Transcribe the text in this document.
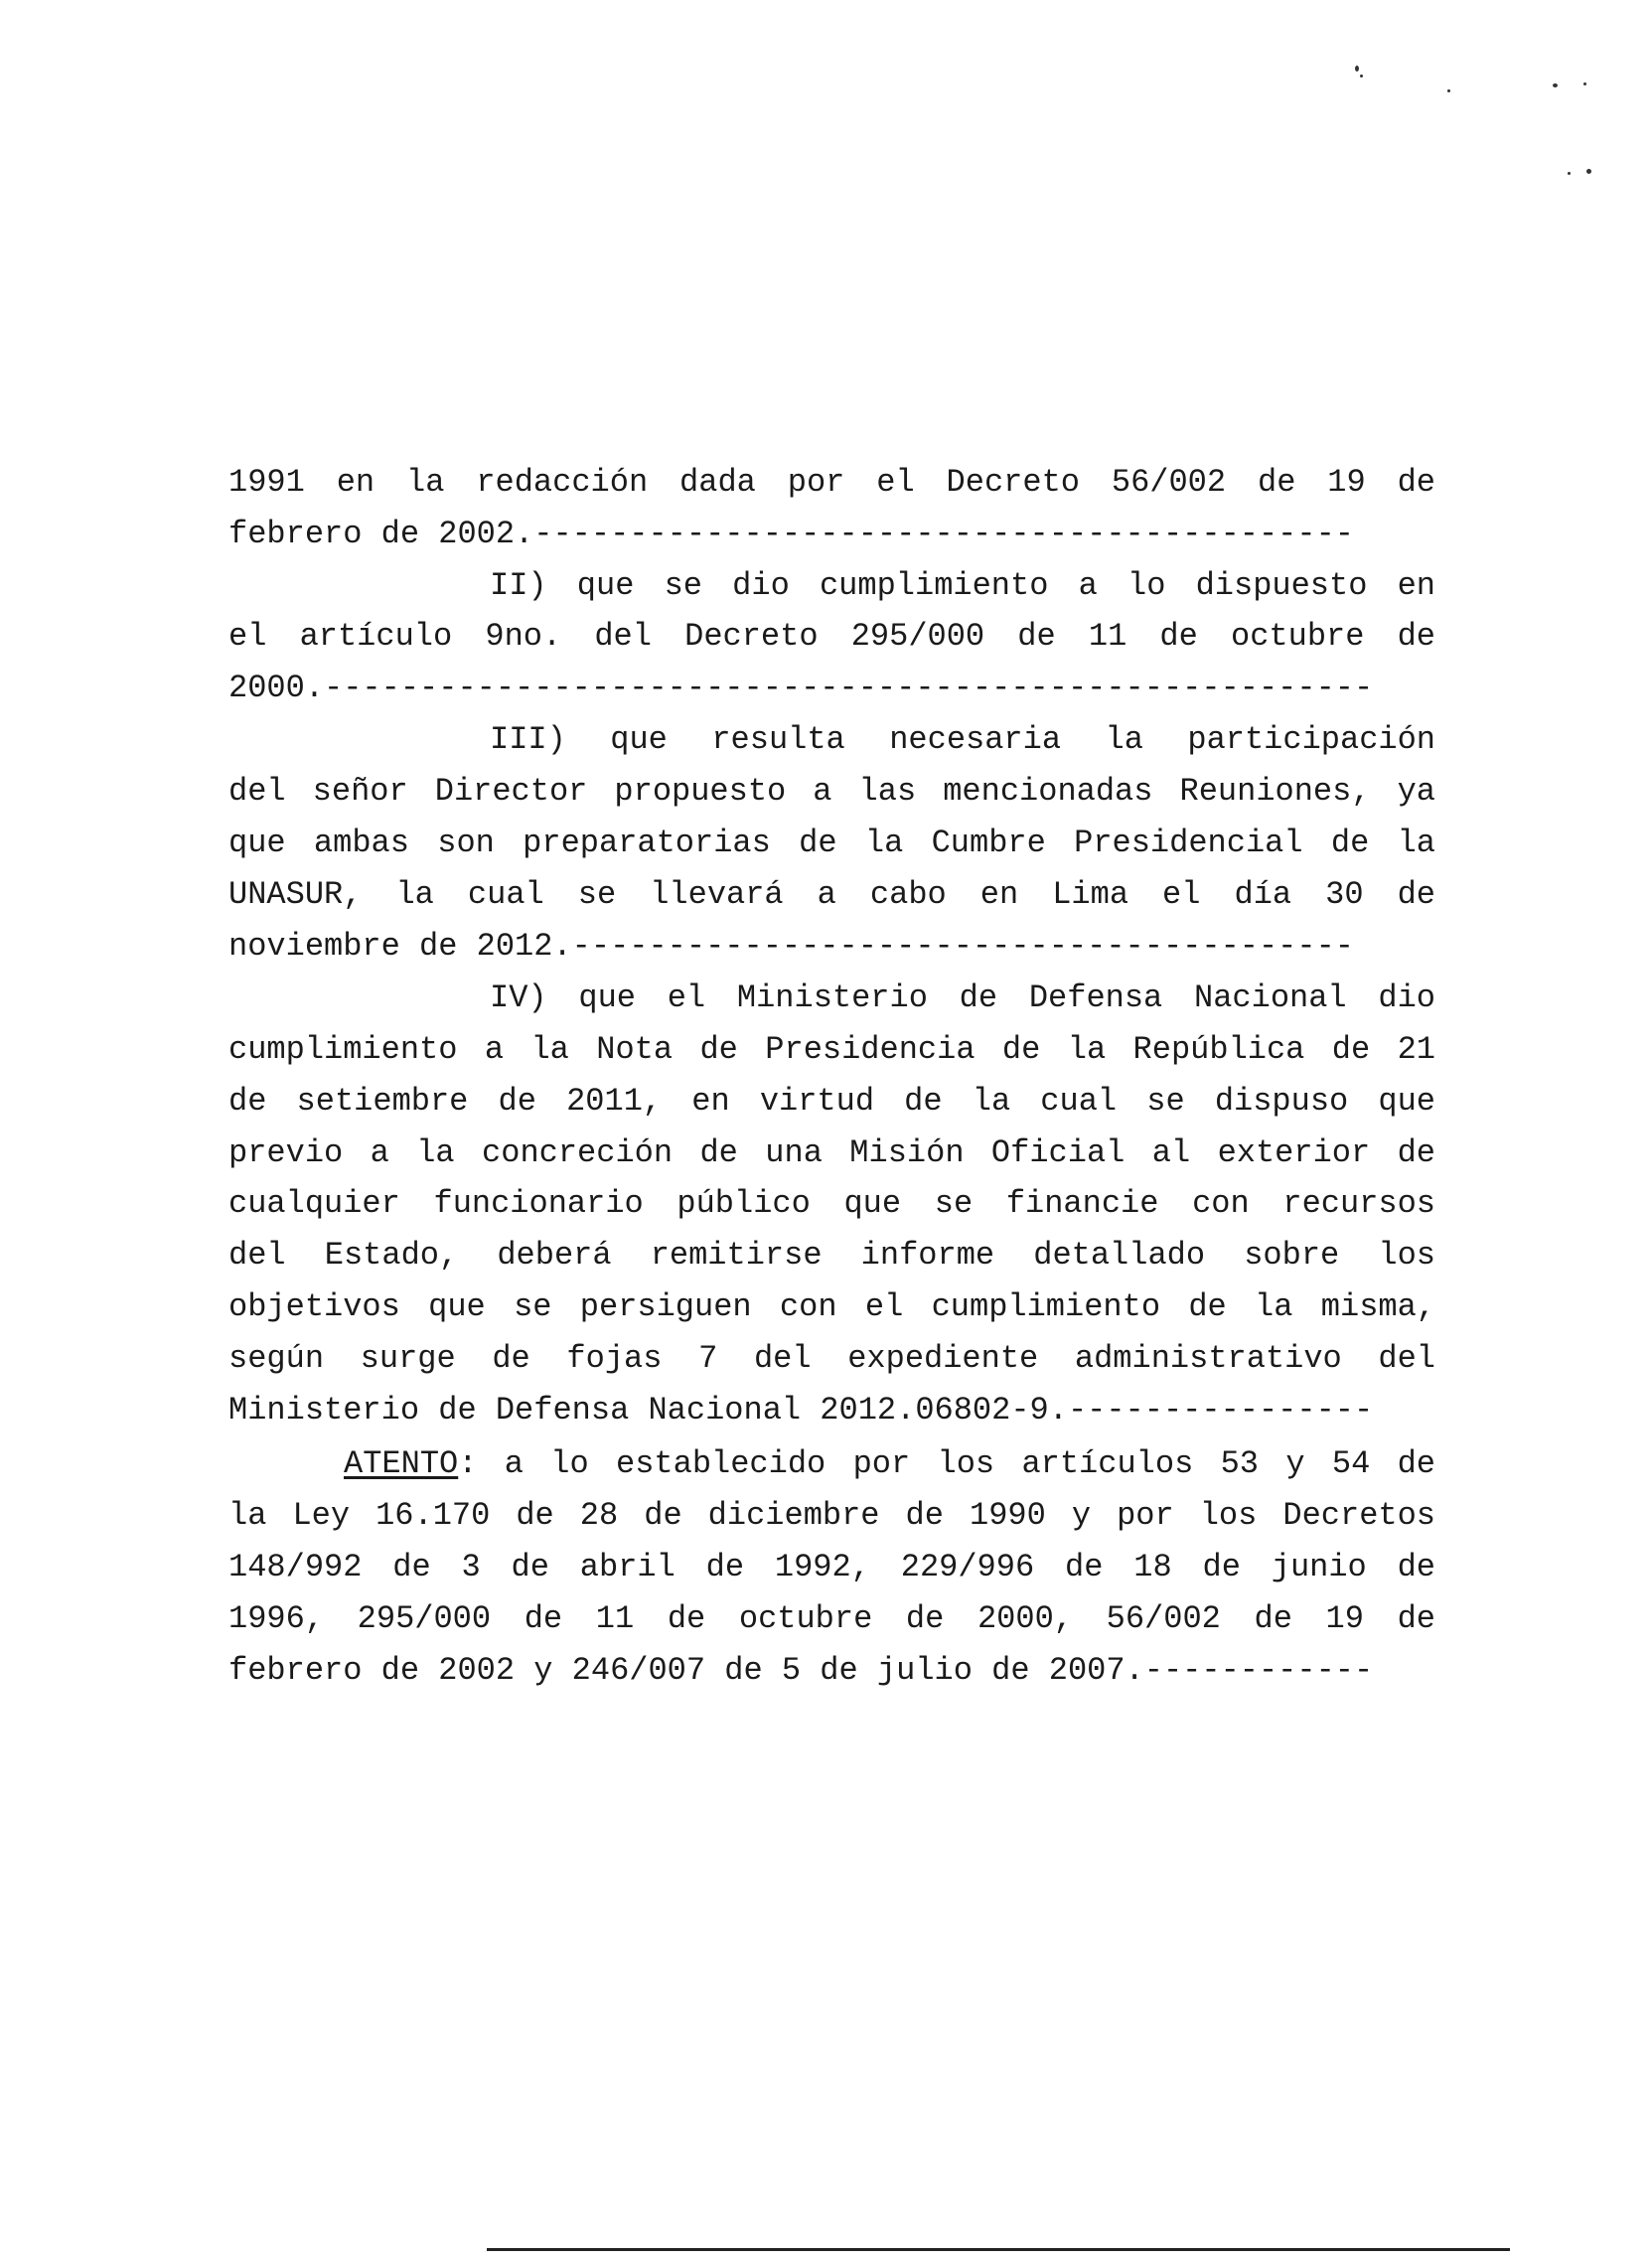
1991 en la redacción dada por el Decreto 56/002 de 19 de
febrero de 2002.-------------------------------------------
II) que se dio cumplimiento a lo dispuesto en
el artículo 9no. del Decreto 295/000 de 11 de octubre de
2000.-------------------------------------------------------
III) que resulta necesaria la participación
del señor Director propuesto a las mencionadas Reuniones, ya
que ambas son preparatorias de la Cumbre Presidencial de la
UNASUR, la cual se llevará a cabo en Lima el día 30 de
noviembre de 2012.-----------------------------------------
IV) que el Ministerio de Defensa Nacional dio
cumplimiento a la Nota de Presidencia de la República de 21
de setiembre de 2011, en virtud de la cual se dispuso que
previo a la concreción de una Misión Oficial al exterior de
cualquier funcionario público que se financie con recursos
del Estado, deberá remitirse informe detallado sobre los
objetivos que se persiguen con el cumplimiento de la misma,
según surge de fojas 7 del expediente administrativo del
Ministerio de Defensa Nacional 2012.06802-9.----------------
ATENTO: a lo establecido por los artículos 53 y 54 de
la Ley 16.170 de 28 de diciembre de 1990 y por los Decretos
148/992 de 3 de abril de 1992, 229/996 de 18 de junio de
1996, 295/000 de 11 de octubre de 2000, 56/002 de 19 de
febrero de 2002 y 246/007 de 5 de julio de 2007.------------
